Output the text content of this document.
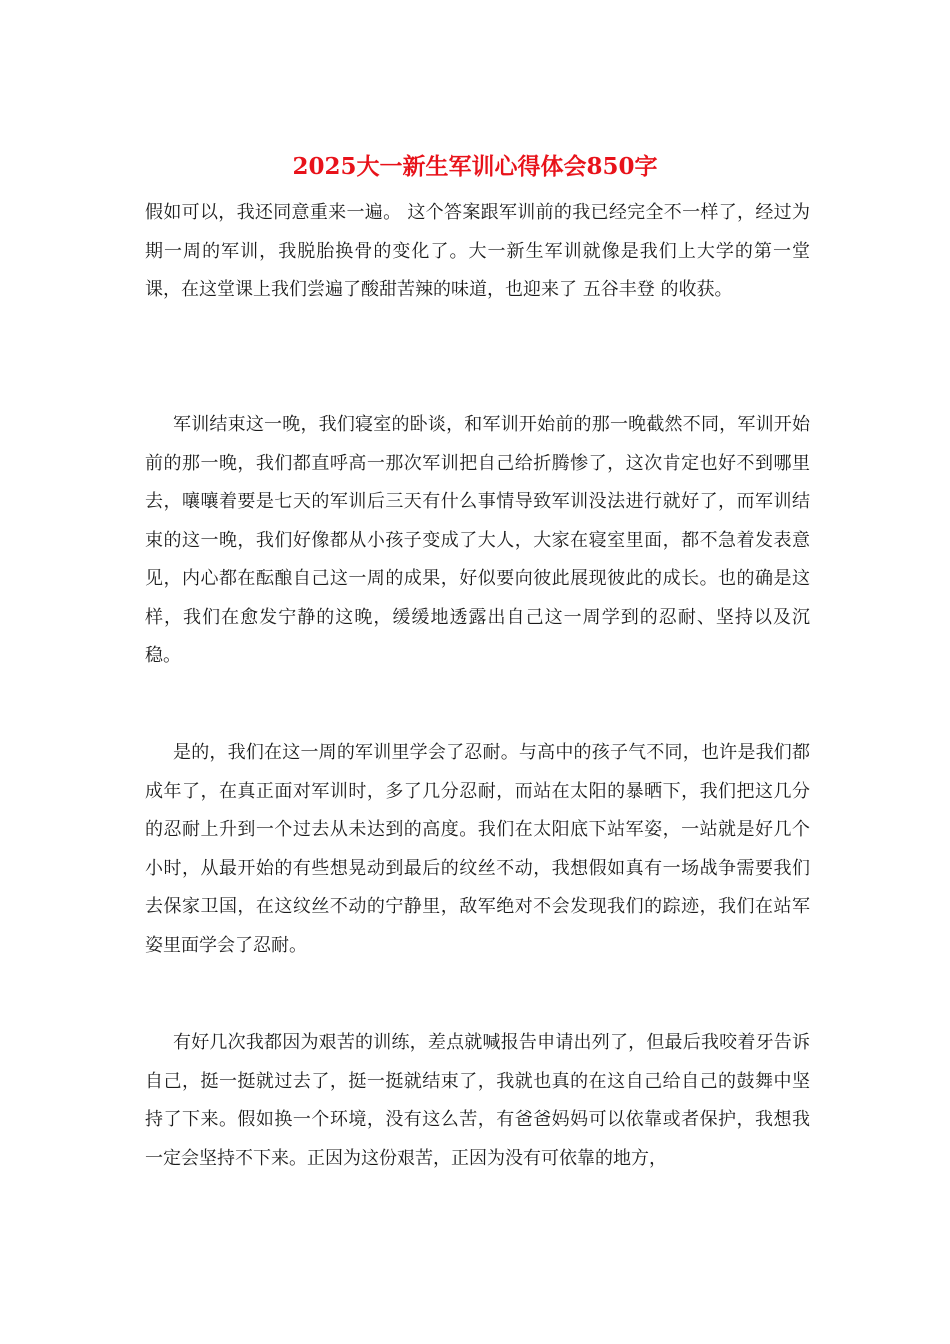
2025大一新生军训心得体会850字

假如可以，我还同意重来一遍。 这个答案跟军训前的我已经完全不一样了，经过为期一周的军训，我脱胎换骨的变化了。大一新生军训就像是我们上大学的第一堂课，在这堂课上我们尝遍了酸甜苦辣的味道，也迎来了 五谷丰登 的收获。

军训结束这一晚，我们寝室的卧谈，和军训开始前的那一晚截然不同，军训开始前的那一晚，我们都直呼高一那次军训把自己给折腾惨了，这次肯定也好不到哪里去，嚷嚷着要是七天的军训后三天有什么事情导致军训没法进行就好了，而军训结束的这一晚，我们好像都从小孩子变成了大人，大家在寝室里面，都不急着发表意见，内心都在酝酿自己这一周的成果，好似要向彼此展现彼此的成长。也的确是这样，我们在愈发宁静的这晚，缓缓地透露出自己这一周学到的忍耐、坚持以及沉稳。

是的，我们在这一周的军训里学会了忍耐。与高中的孩子气不同，也许是我们都成年了，在真正面对军训时，多了几分忍耐，而站在太阳的暴晒下，我们把这几分的忍耐上升到一个过去从未达到的高度。我们在太阳底下站军姿，一站就是好几个小时，从最开始的有些想晃动到最后的纹丝不动，我想假如真有一场战争需要我们去保家卫国，在这纹丝不动的宁静里，敌军绝对不会发现我们的踪迹，我们在站军姿里面学会了忍耐。

有好几次我都因为艰苦的训练，差点就喊报告申请出列了，但最后我咬着牙告诉自己，挺一挺就过去了，挺一挺就结束了，我就也真的在这自己给自己的鼓舞中坚持了下来。假如换一个环境，没有这么苦，有爸爸妈妈可以依靠或者保护，我想我一定会坚持不下来。正因为这份艰苦，正因为没有可依靠的地方，
